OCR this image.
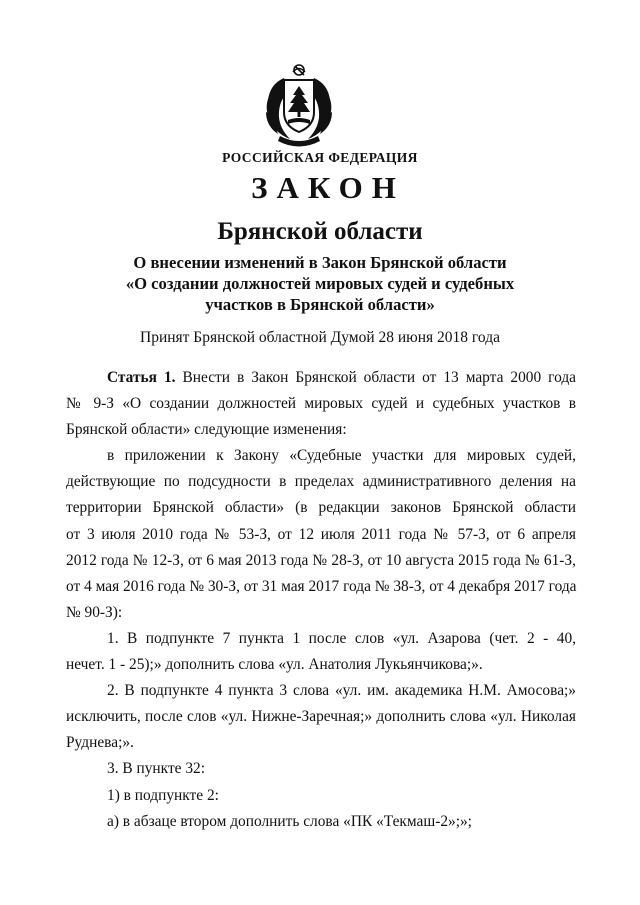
РОССИЙСКАЯ ФЕДЕРАЦИЯ
ЗАКОН
Брянской области
О внесении изменений в Закон Брянской области
«О создании должностей мировых судей и судебных
участков в Брянской области»
Принят Брянской областной Думой 28 июня 2018 года

Статья 1. Внести в Закон Брянской области от 13 марта 2000 года
№ 9-З «О создании должностей мировых судей и судебных участков в
Брянской области» следующие изменения:

в приложении к Закону «Судебные участки для мировых судей,
действующие по подсудности в пределах административного деления на
территории Брянской области» (в редакции законов Брянской области
от 3 июля 2010 года № 53-З, от 12 июля 2011 года № 57-З, от 6 апреля
2012 года № 12-З, от 6 мая 2013 года № 28-З, от 10 августа 2015 года № 61-З,
от 4 мая 2016 года № 30-З, от 31 мая 2017 года № 38-З, от 4 декабря 2017 года
№ 90-З):

1. В подпункте 7 пункта 1 после слов «ул. Азарова (чет. 2 - 40,
нечет. 1 - 25);» дополнить слова «ул. Анатолия Лукьянчикова;».

2. В подпункте 4 пункта 3 слова «ул. им. академика Н.М. Амосова;»
исключить, после слов «ул. Нижне-Заречная;» дополнить слова «ул. Николая
Руднева;».

3. В пункте 32:

1) в подпункте 2:

а) в абзаце втором дополнить слова «ПК «Текмаш-2»;»;
